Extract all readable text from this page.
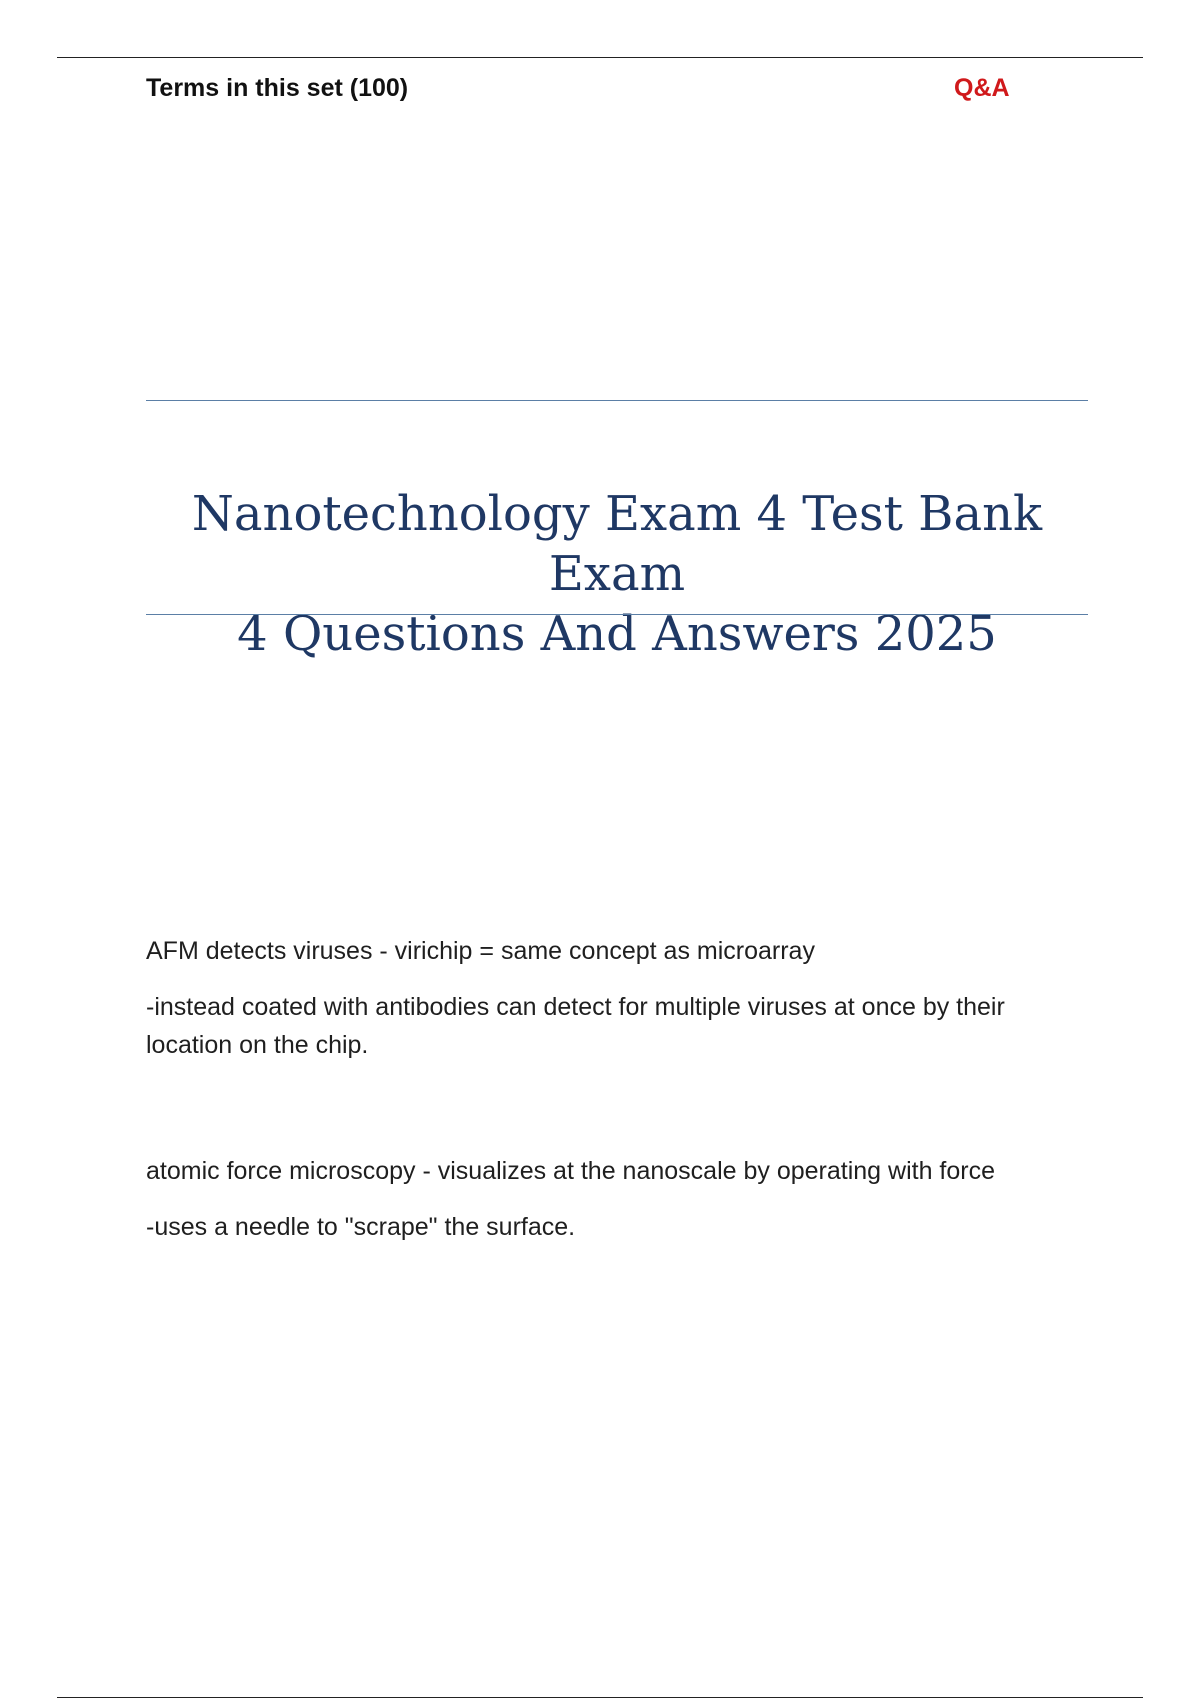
Terms in this set (100)	Q&A
Nanotechnology Exam 4 Test Bank Exam
4 Questions And Answers 2025

AFM detects viruses - virichip = same concept as microarray

-instead coated with antibodies can detect for multiple viruses at once by their location on the chip.

atomic force microscopy - visualizes at the nanoscale by operating with force

-uses a needle to "scrape" the surface.
